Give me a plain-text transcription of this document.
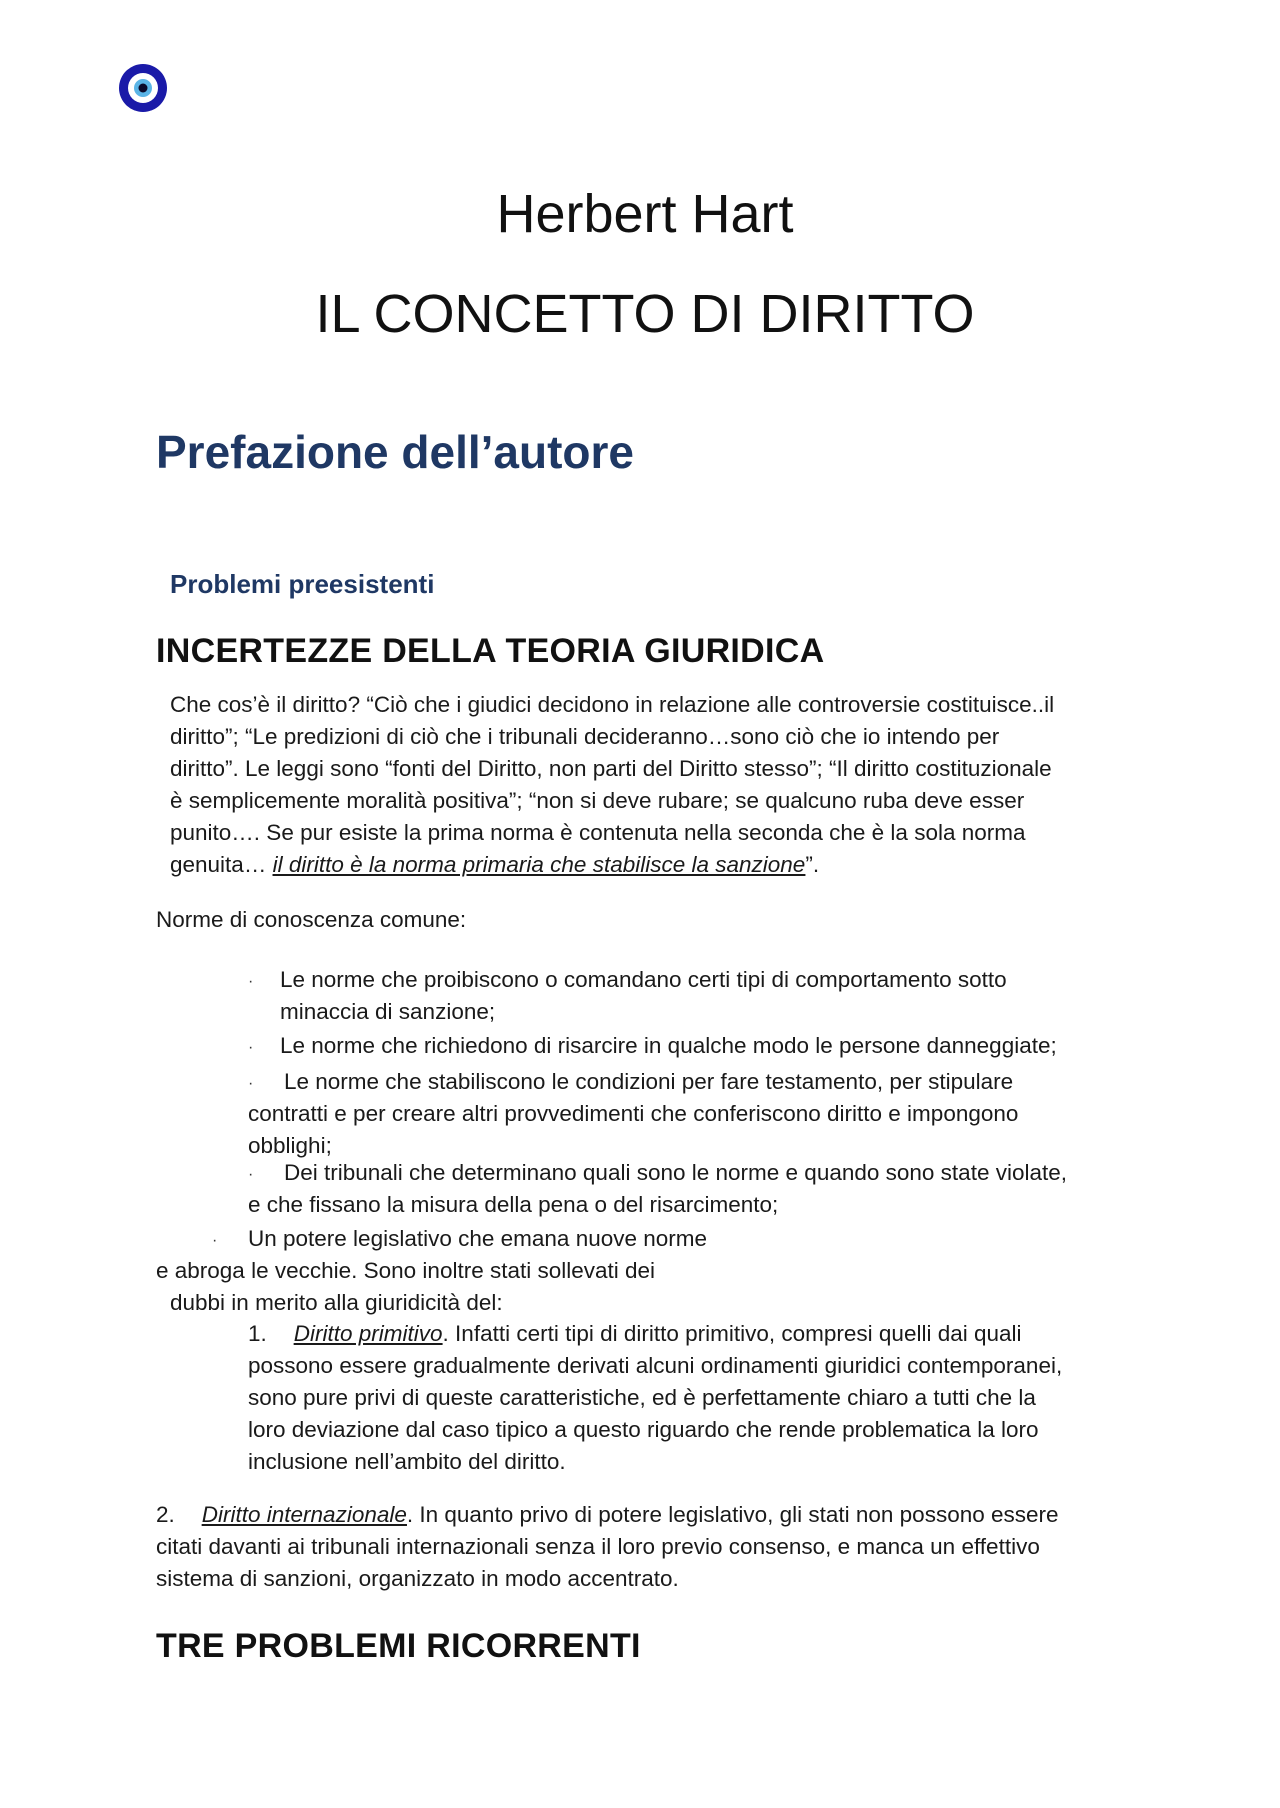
Herbert Hart
IL CONCETTO DI DIRITTO
Prefazione dell’autore
Problemi preesistenti
INCERTEZZE DELLA TEORIA GIURIDICA
Che cos’è il diritto? “Ciò che i giudici decidono in relazione alle controversie costituisce..il
diritto”; “Le predizioni di ciò che i tribunali decideranno…sono ciò che io intendo per
diritto”. Le leggi sono “fonti del Diritto, non parti del Diritto stesso”; “Il diritto costituzionale
è semplicemente moralità positiva”; “non si deve rubare; se qualcuno ruba deve esser
punito…. Se pur esiste la prima norma è contenuta nella seconda che è la sola norma
genuita… il diritto è la norma primaria che stabilisce la sanzione”.
Norme di conoscenza comune:
·	Le norme che proibiscono o comandano certi tipi di comportamento sotto
minaccia di sanzione;
·	Le norme che richiedono di risarcire in qualche modo le persone danneggiate;
·	Le norme che stabiliscono le condizioni per fare testamento, per stipulare
contratti e per creare altri provvedimenti che conferiscono diritto e impongono
obblighi;
·	Dei tribunali che determinano quali sono le norme e quando sono state violate,
e che fissano la misura della pena o del risarcimento;
·	Un potere legislativo che emana nuove norme
e abroga le vecchie. Sono inoltre stati sollevati dei
dubbi in merito alla giuridicità del:
1. Diritto primitivo. Infatti certi tipi di diritto primitivo, compresi quelli dai quali
possono essere gradualmente derivati alcuni ordinamenti giuridici contemporanei,
sono pure privi di queste caratteristiche, ed è perfettamente chiaro a tutti che la
loro deviazione dal caso tipico a questo riguardo che rende problematica la loro
inclusione nell’ambito del diritto.
2. Diritto internazionale. In quanto privo di potere legislativo, gli stati non possono essere
citati davanti ai tribunali internazionali senza il loro previo consenso, e manca un effettivo
sistema di sanzioni, organizzato in modo accentrato.
TRE PROBLEMI RICORRENTI
